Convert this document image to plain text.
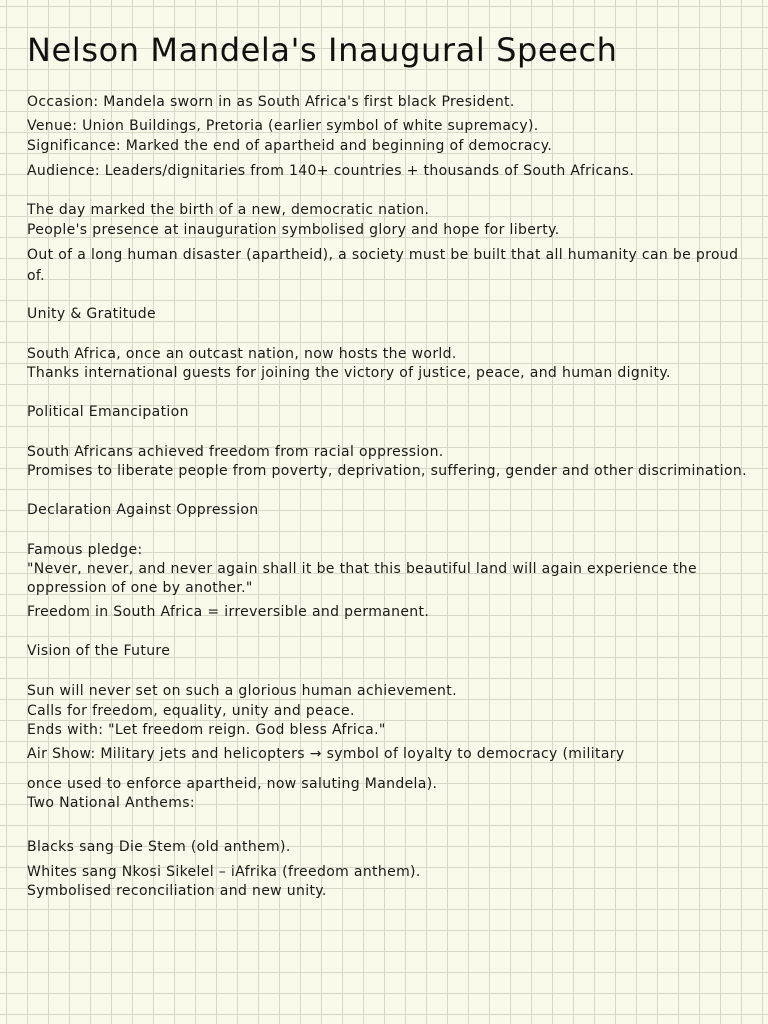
Nelson Mandela's Inaugural Speech
Occasion: Mandela sworn in as South Africa's first black President.
Venue: Union Buildings, Pretoria (earlier symbol of white supremacy).
Significance: Marked the end of apartheid and beginning of democracy.
Audience: Leaders/dignitaries from 140+ countries + thousands of South Africans.
The day marked the birth of a new, democratic nation.
People's presence at inauguration symbolised glory and hope for liberty.
Out of a long human disaster (apartheid), a society must be built that all humanity can be proud of.
Unity & Gratitude
South Africa, once an outcast nation, now hosts the world.
Thanks international guests for joining the victory of justice, peace, and human dignity.
Political Emancipation
South Africans achieved freedom from racial oppression.
Promises to liberate people from poverty, deprivation, suffering, gender and other discrimination.
Declaration Against Oppression
Famous pledge:
"Never, never, and never again shall it be that this beautiful land will again experience the oppression of one by another."
Freedom in South Africa = irreversible and permanent.
Vision of the Future
Sun will never set on such a glorious human achievement.
Calls for freedom, equality, unity and peace.
Ends with: "Let freedom reign. God bless Africa."
Air Show: Military jets and helicopters → symbol of loyalty to democracy (military
once used to enforce apartheid, now saluting Mandela).
Two National Anthems:
Blacks sang Die Stem (old anthem).
Whites sang Nkosi Sikelel – iAfrika (freedom anthem).
Symbolised reconciliation and new unity.
